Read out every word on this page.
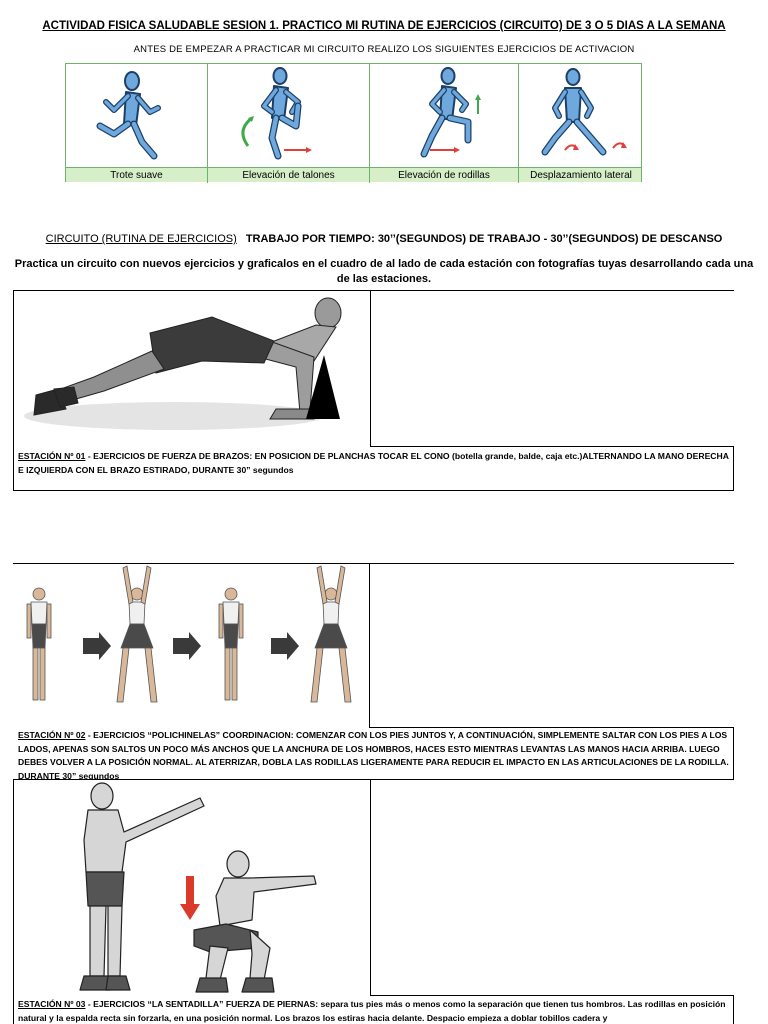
ACTIVIDAD FISICA SALUDABLE SESION 1. PRACTICO MI RUTINA DE EJERCICIOS (CIRCUITO) DE 3 O 5 DIAS A LA SEMANA
ANTES DE EMPEZAR A PRACTICAR MI CIRCUITO REALIZO LOS SIGUIENTES EJERCICIOS DE ACTIVACION
Trote suave	Elevación de talones	Elevación de rodillas	Desplazamiento lateral
CIRCUITO (RUTINA DE EJERCICIOS) TRABAJO POR TIEMPO: 30’’(SEGUNDOS) DE TRABAJO - 30’’(SEGUNDOS) DE DESCANSO
Practica un circuito con nuevos ejercicios y graficalos en el cuadro de al lado de cada estación con fotografías tuyas desarrollando cada una de las estaciones.
ESTACIÓN Nº 01 - EJERCICIOS DE FUERZA DE BRAZOS: EN POSICION DE PLANCHAS TOCAR EL CONO (botella grande, balde, caja etc.)ALTERNANDO LA MANO DERECHA E IZQUIERDA CON EL BRAZO ESTIRADO, DURANTE 30” segundos
ESTACIÓN Nº 02 - EJERCICIOS “POLICHINELAS” COORDINACION: COMENZAR CON LOS PIES JUNTOS Y, A CONTINUACIÓN, SIMPLEMENTE SALTAR CON LOS PIES A LOS LADOS, APENAS SON SALTOS UN POCO MÁS ANCHOS QUE LA ANCHURA DE LOS HOMBROS, HACES ESTO MIENTRAS LEVANTAS LAS MANOS HACIA ARRIBA. LUEGO DEBES VOLVER A LA POSICIÓN NORMAL. AL ATERRIZAR, DOBLA LAS RODILLAS LIGERAMENTE PARA REDUCIR EL IMPACTO EN LAS ARTICULACIONES DE LA RODILLA. DURANTE 30” segundos
ESTACIÓN Nº 03 - EJERCICIOS “LA SENTADILLA” FUERZA DE PIERNAS: separa tus pies más o menos como la separación que tienen tus hombros. Las rodillas en posición natural y la espalda recta sin forzarla, en una posición normal. Los brazos los estiras hacia delante. Despacio empieza a doblar tobillos cadera y
